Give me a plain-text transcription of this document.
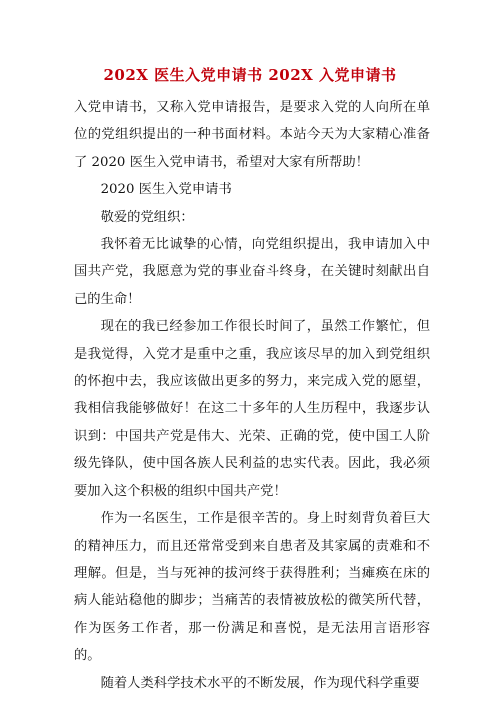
202X 医生入党申请书 202X 入党申请书

入党申请书，又称入党申请报告，是要求入党的人向所在单位的党组织提出的一种书面材料。本站今天为大家精心准备了 2020 医生入党申请书，希望对大家有所帮助！

2020 医生入党申请书

敬爱的党组织：

我怀着无比诚挚的心情，向党组织提出，我申请加入中国共产党，我愿意为党的事业奋斗终身，在关键时刻献出自己的生命！

现在的我已经参加工作很长时间了，虽然工作繁忙，但是我觉得，入党才是重中之重，我应该尽早的加入到党组织的怀抱中去，我应该做出更多的努力，来完成入党的愿望，我相信我能够做好！在这二十多年的人生历程中，我逐步认识到：中国共产党是伟大、光荣、正确的党，使中国工人阶级先锋队，使中国各族人民利益的忠实代表。因此，我必须要加入这个积极的组织中国共产党！

作为一名医生，工作是很辛苦的。身上时刻背负着巨大的精神压力，而且还常常受到来自患者及其家属的责难和不理解。但是，当与死神的拔河终于获得胜利；当瘫痪在床的病人能站稳他的脚步；当痛苦的表情被放松的微笑所代替，作为医务工作者，那一份满足和喜悦，是无法用言语形容的。

随着人类科学技术水平的不断发展，作为现代科学重要
